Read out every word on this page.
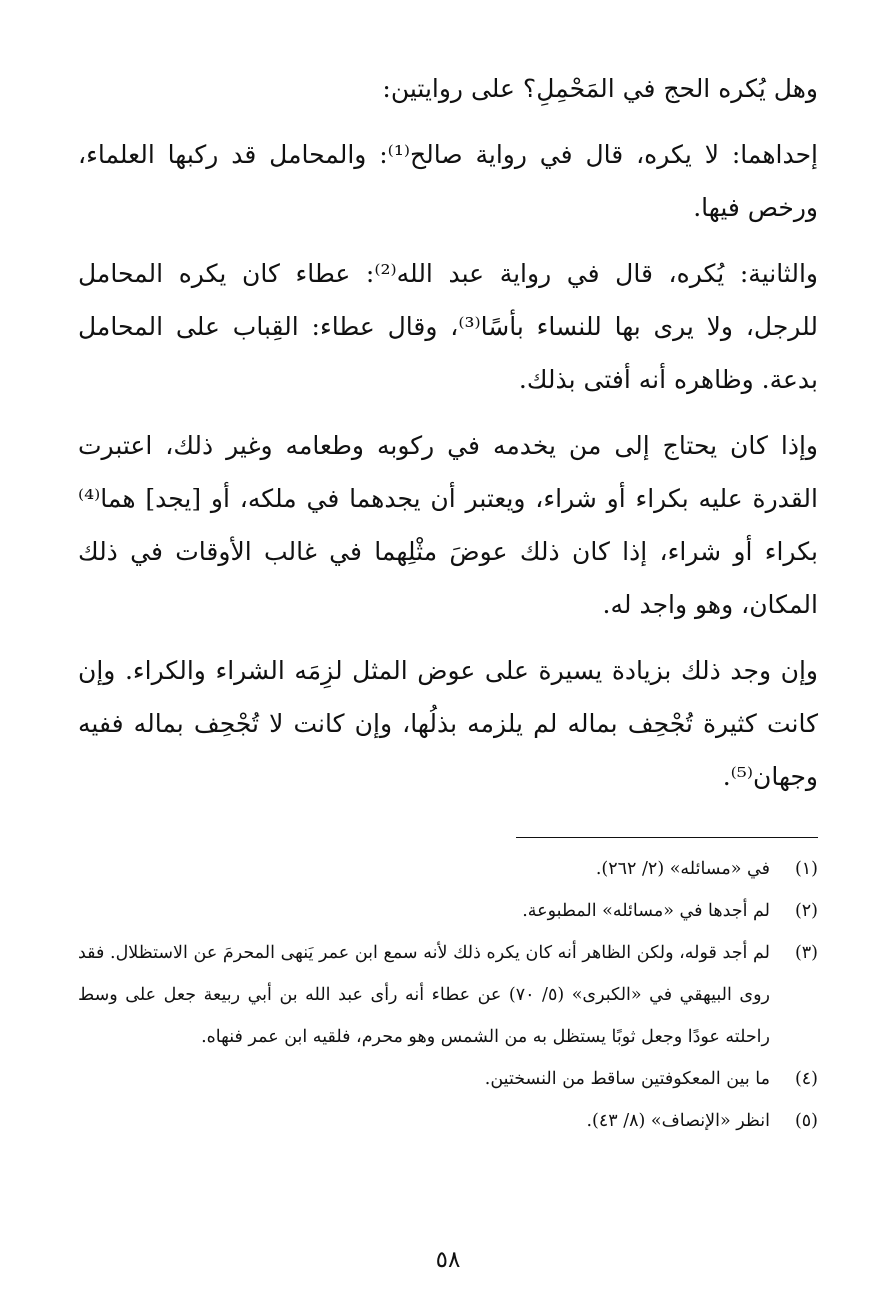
وهل يُكره الحج في المَحْمِلِ؟ على روايتين:

إحداهما: لا يكره، قال في رواية صالح⁽¹⁾: والمحامل قد ركبها العلماء، ورخص فيها.

والثانية: يُكره، قال في رواية عبد الله⁽²⁾: عطاء كان يكره المحامل للرجل، ولا يرى بها للنساء بأسًا⁽³⁾، وقال عطاء: القِباب على المحامل بدعة. وظاهره أنه أفتى بذلك.

وإذا كان يحتاج إلى من يخدمه في ركوبه وطعامه وغير ذلك، اعتبرت القدرة عليه بكراء أو شراء، ويعتبر أن يجدهما في ملكه، أو [يجد] هما⁽⁴⁾ بكراء أو شراء، إذا كان ذلك عوضَ مثْلِهما في غالب الأوقات في ذلك المكان، وهو واجد له.

وإن وجد ذلك بزيادة يسيرة على عوض المثل لزِمَه الشراء والكراء. وإن كانت كثيرة تُجْحِف بماله لم يلزمه بذلُها، وإن كانت لا تُجْحِف بماله ففيه وجهان⁽⁵⁾.

(١)
في «مسائله» (٢/ ٢٦٢).
(٢)
لم أجدها في «مسائله» المطبوعة.
(٣)
لم أجد قوله، ولكن الظاهر أنه كان يكره ذلك لأنه سمع ابن عمر يَنهى المحرمَ عن الاستظلال. فقد روى البيهقي في «الكبرى» (٥/ ٧٠) عن عطاء أنه رأى عبد الله بن أبي ربيعة جعل على وسط راحلته عودًا وجعل ثوبًا يستظل به من الشمس وهو محرم، فلقيه ابن عمر فنهاه.
(٤)
ما بين المعكوفتين ساقط من النسختين.
(٥)
انظر «الإنصاف» (٨/ ٤٣).
٥٨
